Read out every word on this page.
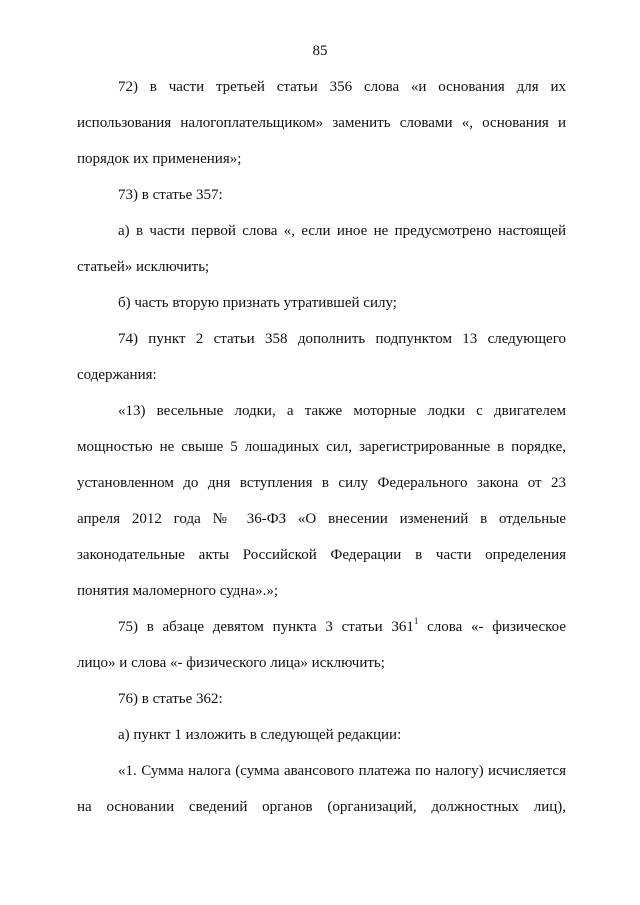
85
72) в части третьей статьи 356 слова «и основания для их
использования налогоплательщиком» заменить словами «, основания и
порядок их применения»;
73) в статье 357:
а) в части первой слова «, если иное не предусмотрено настоящей
статьей» исключить;
б) часть вторую признать утратившей силу;
74) пункт 2 статьи 358 дополнить подпунктом 13 следующего
содержания:
«13) весельные лодки, а также моторные лодки с двигателем
мощностью не свыше 5 лошадиных сил, зарегистрированные в порядке,
установленном до дня вступления в силу Федерального закона от 23
апреля 2012 года № 36-ФЗ «О внесении изменений в отдельные
законодательные акты Российской Федерации в части определения
понятия маломерного судна».»;
75) в абзаце девятом пункта 3 статьи $361^1$ слова «- физическое
лицо» и слова «- физического лица» исключить;
76) в статье 362:
а) пункт 1 изложить в следующей редакции:
«1. Сумма налога (сумма авансового платежа по налогу) исчисляется
на основании сведений органов (организаций, должностных лиц),
